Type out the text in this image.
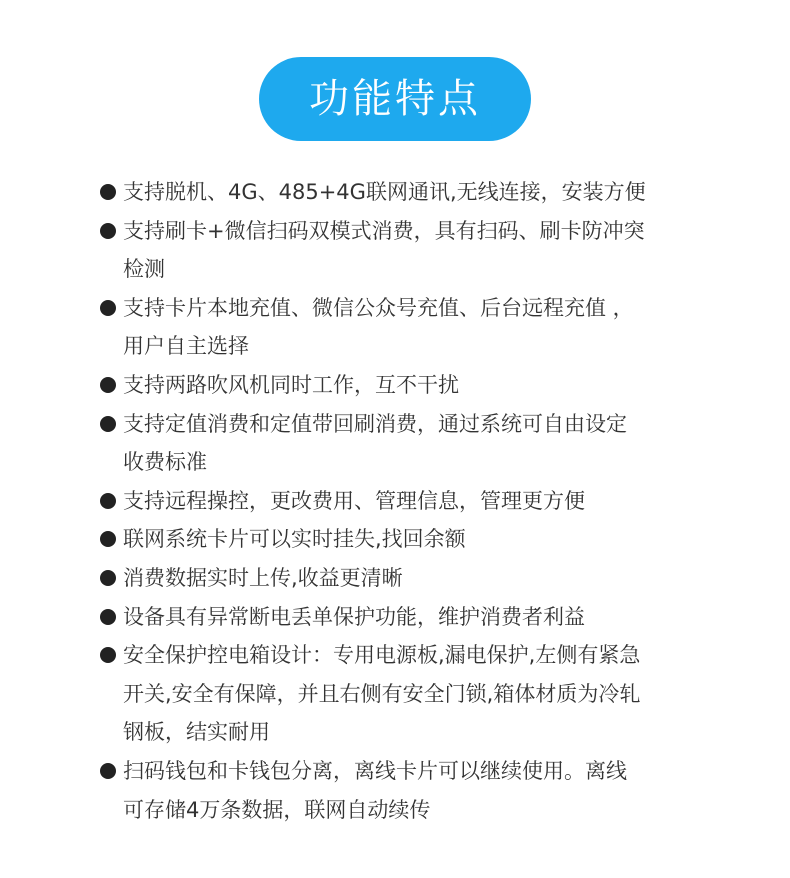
功能特点
支持脱机、4G、485+4G联网通讯,无线连接，安装方便
支持刷卡+微信扫码双模式消费，具有扫码、刷卡防冲突
检测
支持卡片本地充值、微信公众号充值、后台远程充值 ，
用户自主选择
支持两路吹风机同时工作，互不干扰
支持定值消费和定值带回刷消费，通过系统可自由设定
收费标准
支持远程操控，更改费用、管理信息，管理更方便
联网系统卡片可以实时挂失,找回余额
消费数据实时上传,收益更清晰
设备具有异常断电丢单保护功能，维护消费者利益
安全保护控电箱设计：专用电源板,漏电保护,左侧有紧急
开关,安全有保障，并且右侧有安全门锁,箱体材质为冷轧
钢板，结实耐用
扫码钱包和卡钱包分离，离线卡片可以继续使用。离线
可存储4万条数据，联网自动续传
